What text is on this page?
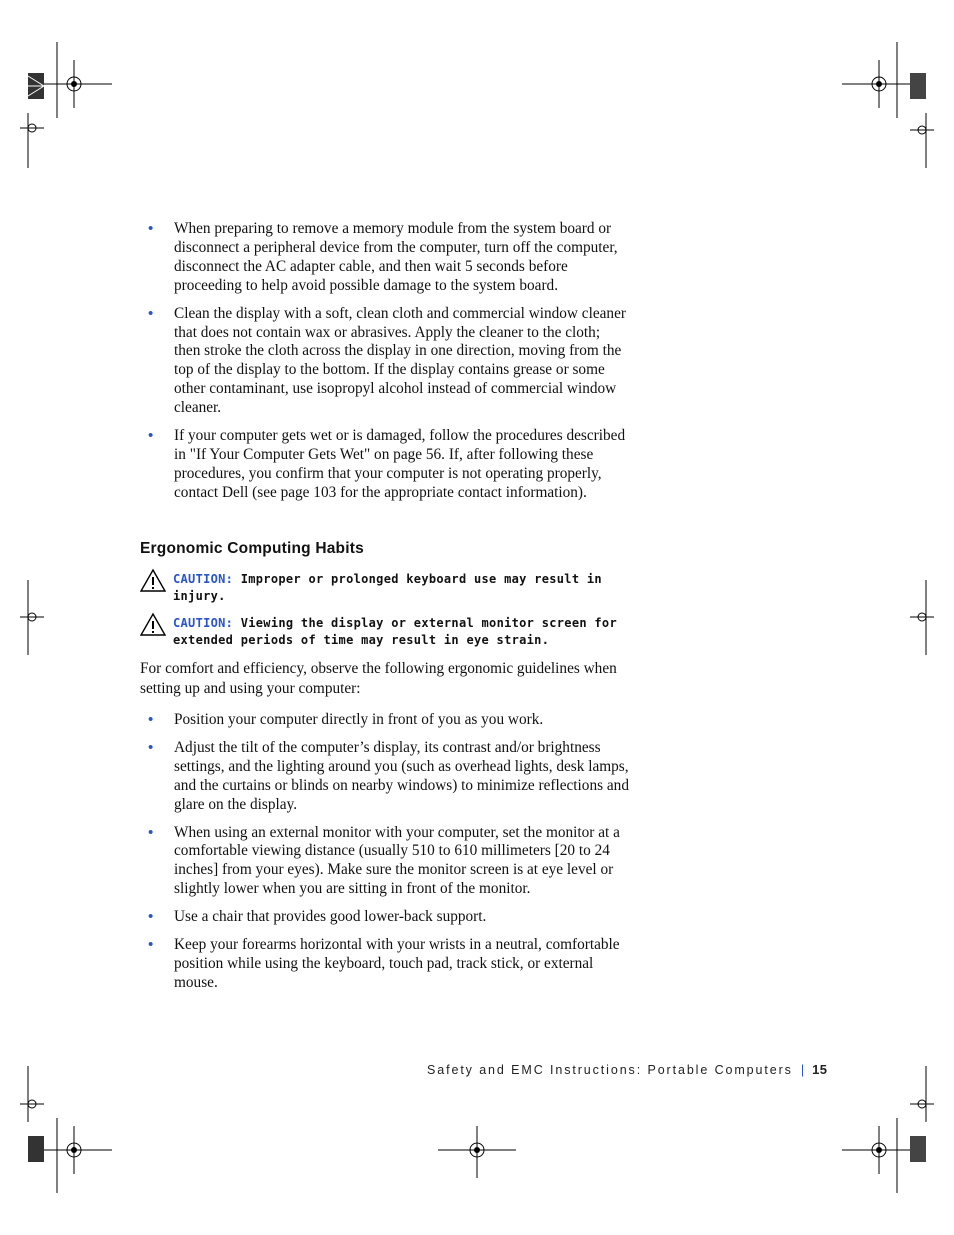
• When preparing to remove a memory module from the system board or disconnect a peripheral device from the computer, turn off the computer, disconnect the AC adapter cable, and then wait 5 seconds before proceeding to help avoid possible damage to the system board.
• Clean the display with a soft, clean cloth and commercial window cleaner that does not contain wax or abrasives. Apply the cleaner to the cloth; then stroke the cloth across the display in one direction, moving from the top of the display to the bottom. If the display contains grease or some other contaminant, use isopropyl alcohol instead of commercial window cleaner.
• If your computer gets wet or is damaged, follow the procedures described in "If Your Computer Gets Wet" on page 56. If, after following these procedures, you confirm that your computer is not operating properly, contact Dell (see page 103 for the appropriate contact information).
Ergonomic Computing Habits
CAUTION: Improper or prolonged keyboard use may result in injury.
CAUTION: Viewing the display or external monitor screen for extended periods of time may result in eye strain.

For comfort and efficiency, observe the following ergonomic guidelines when setting up and using your computer:

• Position your computer directly in front of you as you work.
• Adjust the tilt of the computer’s display, its contrast and/or brightness settings, and the lighting around you (such as overhead lights, desk lamps, and the curtains or blinds on nearby windows) to minimize reflections and glare on the display.
• When using an external monitor with your computer, set the monitor at a comfortable viewing distance (usually 510 to 610 millimeters [20 to 24 inches] from your eyes). Make sure the monitor screen is at eye level or slightly lower when you are sitting in front of the monitor.
• Use a chair that provides good lower-back support.
• Keep your forearms horizontal with your wrists in a neutral, comfortable position while using the keyboard, touch pad, track stick, or external mouse.
Safety and EMC Instructions: Portable Computers | 15
